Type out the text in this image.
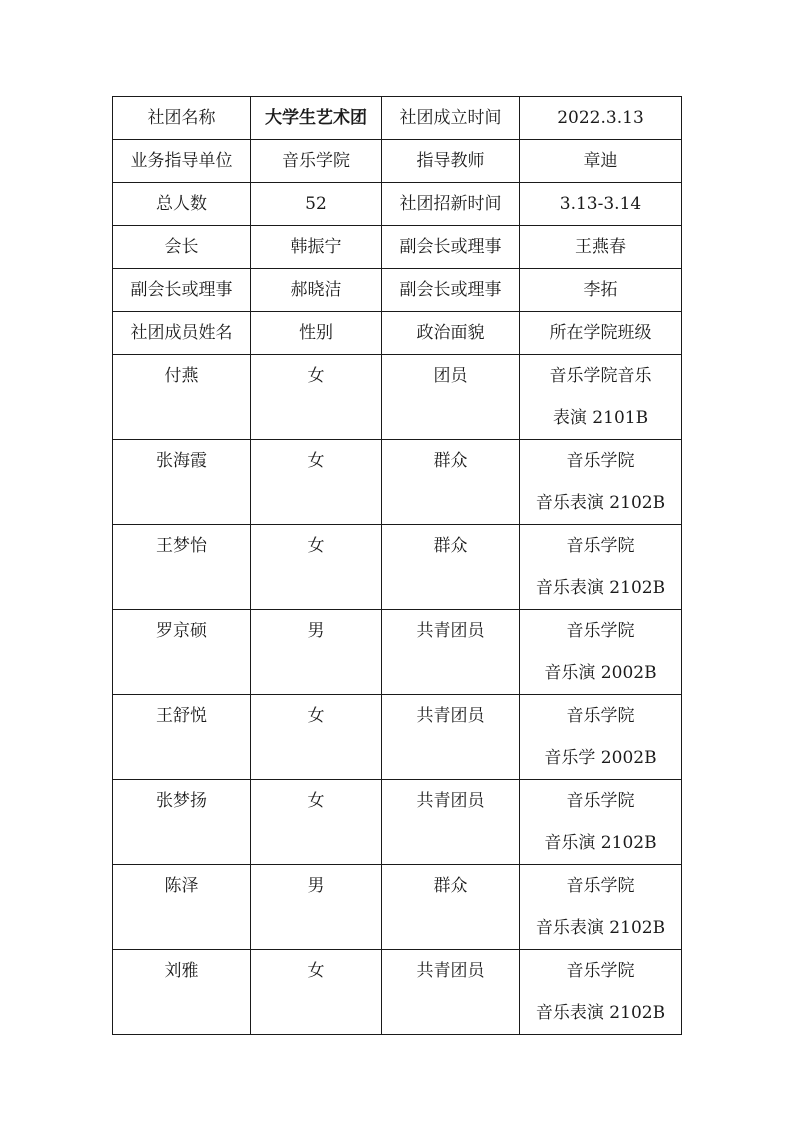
社团名称	大学生艺术团	社团成立时间	2022.3.13
业务指导单位	音乐学院	指导教师	章迪
总人数	52	社团招新时间	3.13-3.14
会长	韩振宁	副会长或理事	王燕春
副会长或理事	郝晓洁	副会长或理事	李拓
社团成员姓名	性别	政治面貌	所在学院班级

付燕	女	团员	音乐学院音乐
表演 2101B

张海霞	女	群众	音乐学院
音乐表演 2102B

王梦怡	女	群众	音乐学院
音乐表演 2102B

罗京硕	男	共青团员	音乐学院
音乐演 2002B

王舒悦	女	共青团员	音乐学院
音乐学 2002B

张梦扬	女	共青团员	音乐学院
音乐演 2102B

陈泽	男	群众	音乐学院
音乐表演 2102B

刘雅	女	共青团员	音乐学院
音乐表演 2102B
